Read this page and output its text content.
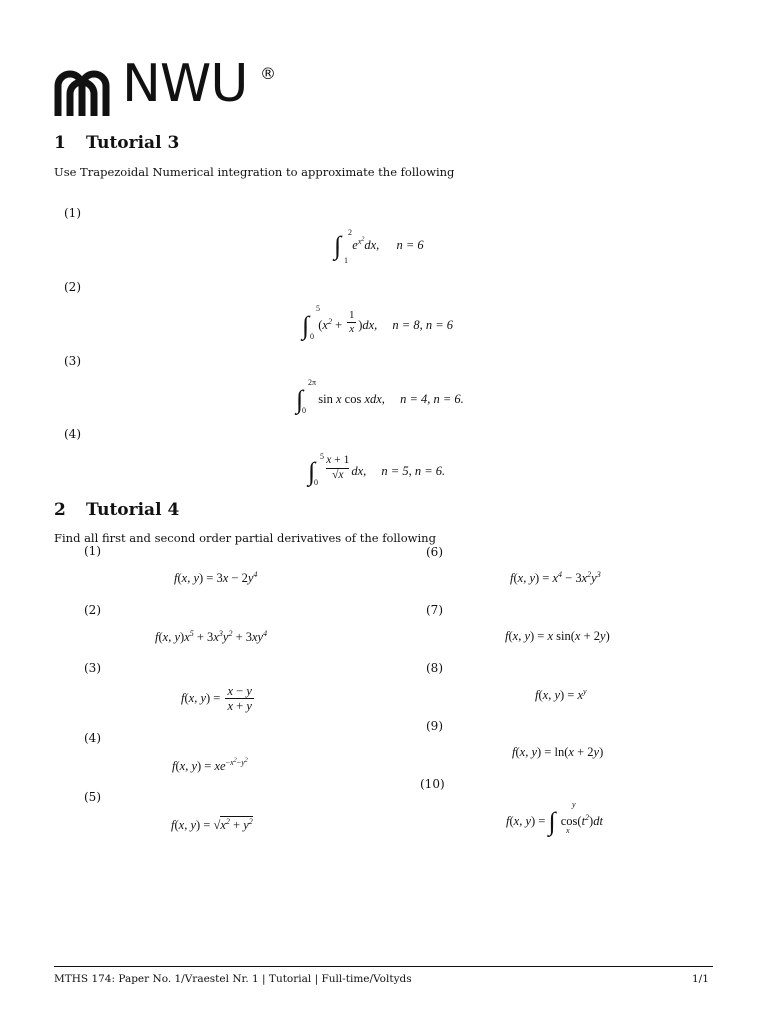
NWU ®
1 Tutorial 3
Use Trapezoidal Numerical integration to approximate the following
(1)
∫ 2
1
$e^{x^2}dx$, n = 6
(2)
∫
5
0
$(x^2 + \frac{1}{x} )dx$, n = 8, n = 6
(3)
∫
2π
0
sin x cos xdx, n = 4, n = 6.
(4)
∫
5
0

$\frac{x + 1}{√x}$ dx, n = 5, n = 6.
2 Tutorial 4
Find all first and second order partial derivatives of the following
(1)
f(x, $y) = 3x - 2y^4$
(2)
f(x, $y)x^5 + 3x^3y^2 + 3xy^4$
(3)
f(x, $y) = \frac{x - y}{x + y}$
(4)
f(x, $y) = xe^{-x^2-y^2}$
(5)
f(x, $y) = √x^2 + y^2$
(6)
f(x, $y) = x^4 - 3x^2y^3$
(7)
f(x, y) = x sin(x + 2y)
(8)
f(x, $y) = x^y$
(9)
f(x, y) = ln(x + 2y)
(10)
f(x, y) = ∫
y
x
$\cos(t^2)dt$
MTHS 174: Paper No. 1/Vraestel Nr. 1 | Tutorial | Full-time/Voltyds	1/1
